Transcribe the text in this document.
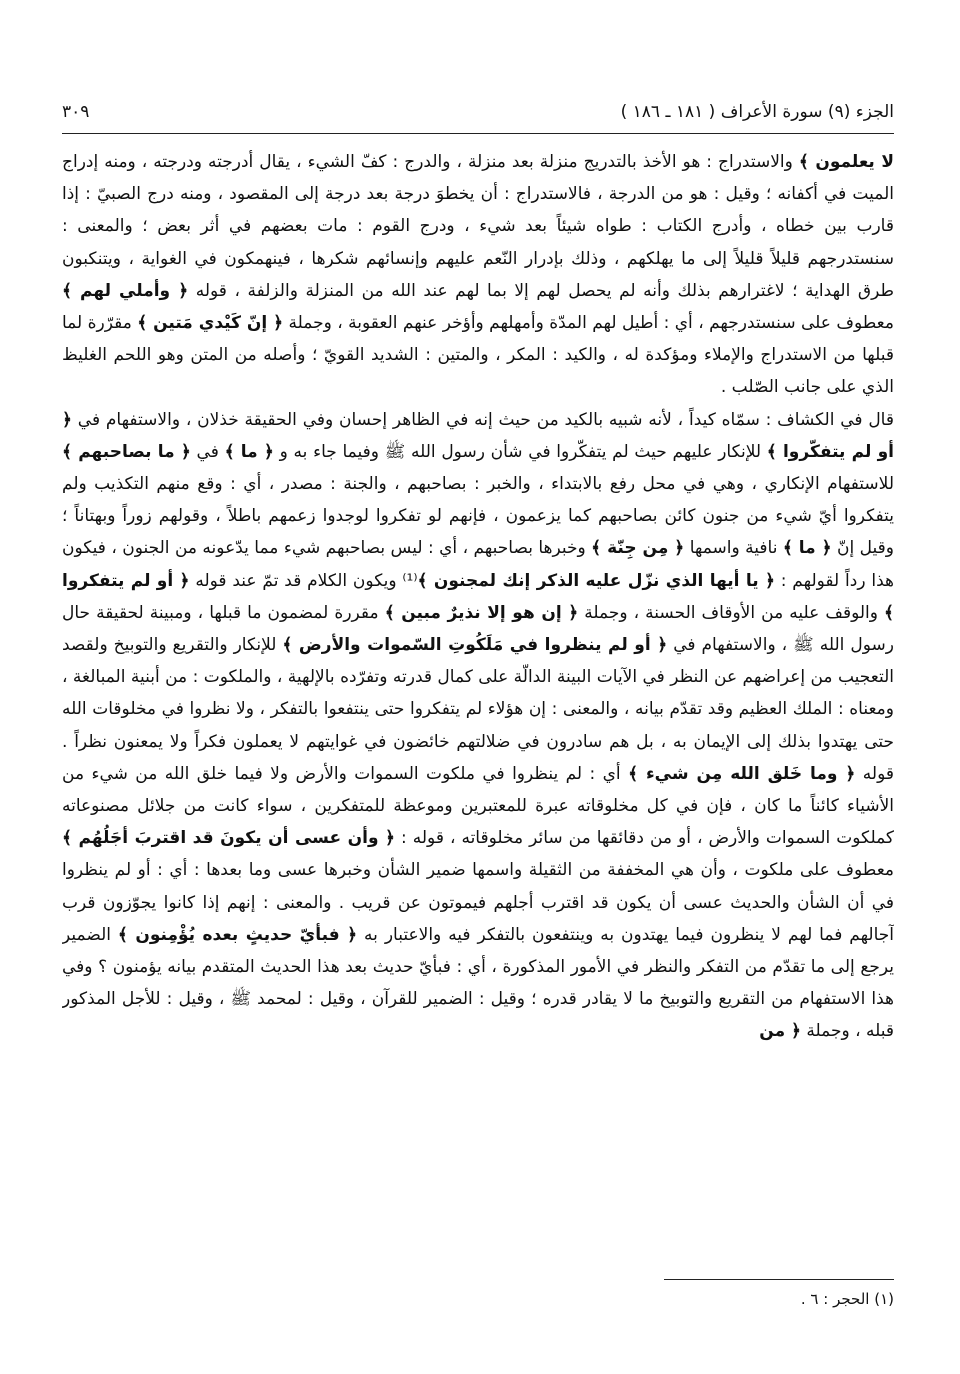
٣٠٩	الجزء (٩) سورة الأعراف ( ١٨١ ـ ١٨٦ )

لا يعلمون ﴾ والاستدراج : هو الأخذ بالتدريج منزلة بعد منزلة ، والدرج : كفّ الشيء ، يقال أدرجته ودرجته ، ومنه إدراج الميت في أكفانه ؛ وقيل : هو من الدرجة ، فالاستدراج : أن يخطوَ درجة بعد درجة إلى المقصود ، ومنه درج الصبيّ : إذا قارب بين خطاه ، وأدرج الكتاب : طواه شيئاً بعد شيء ، ودرج القوم : مات بعضهم في أثر بعض ؛ والمعنى : سنستدرجهم قليلاً قليلاً إلى ما يهلكهم ، وذلك بإدرار النّعم عليهم وإنسائهم شكرها ، فينهمكون في الغواية ، ويتنكبون طرق الهداية ؛ لاغترارهم بذلك وأنه لم يحصل لهم إلا بما لهم عند الله من المنزلة والزلفة ، قوله ﴿ وأملي لهم ﴾ معطوف على سنستدرجهم ، أي : أطيل لهم المدّة وأمهلهم وأؤخر عنهم العقوبة ، وجملة ﴿ إنّ كَيْدي مَتين ﴾ مقرّرة لما قبلها من الاستدراج والإملاء ومؤكدة له ، والكيد : المكر ، والمتين : الشديد القويّ ؛ وأصله من المتن وهو اللحم الغليظ الذي على جانب الصّلب .

قال في الكشاف : سمّاه كيداً ، لأنه شبيه بالكيد من حيث إنه في الظاهر إحسان وفي الحقيقة خذلان ، والاستفهام في ﴿ أو لم يتفكّروا ﴾ للإنكار عليهم حيث لم يتفكّروا في شأن رسول الله ﷺ وفيما جاء به و ﴿ ما ﴾ في ﴿ ما بصاحبهم ﴾ للاستفهام الإنكاري ، وهي في محل رفع بالابتداء ، والخبر : بصاحبهم ، والجنة : مصدر ، أي : وقع منهم التكذيب ولم يتفكروا أيّ شيء من جنون كائن بصاحبهم كما يزعمون ، فإنهم لو تفكروا لوجدوا زعمهم باطلاً ، وقولهم زوراً وبهتاناً ؛ وقيل إنّ ﴿ ما ﴾ نافية واسمها ﴿ مِن جِنّة ﴾ وخبرها بصاحبهم ، أي : ليس بصاحبهم شيء مما يدّعونه من الجنون ، فيكون هذا رداً لقولهم : ﴿ يا أيها الذي نزّل عليه الذكر إنك لمجنون ﴾⁽¹⁾ ويكون الكلام قد تمّ عند قوله ﴿ أو لم يتفكروا ﴾ والوقف عليه من الأوقاف الحسنة ، وجملة ﴿ إن هو إلا نذيرٌ مبين ﴾ مقررة لمضمون ما قبلها ، ومبينة لحقيقة حال رسول الله ﷺ ، والاستفهام في ﴿ أو لم ينظروا في مَلَكُوتِ السّموات والأرض ﴾ للإنكار والتقريع والتوبيخ ولقصد التعجيب من إعراضهم عن النظر في الآيات البينة الدالّة على كمال قدرته وتفرّده بالإلهية ، والملكوت : من أبنية المبالغة ، ومعناه : الملك العظيم وقد تقدّم بيانه ، والمعنى : إن هؤلاء لم يتفكروا حتى ينتفعوا بالتفكر ، ولا نظروا في مخلوقات الله حتى يهتدوا بذلك إلى الإيمان به ، بل هم سادرون في ضلالتهم خائضون في غوايتهم لا يعملون فكراً ولا يمعنون نظراً . قوله ﴿ وما خَلق الله مِن شيء ﴾ أي : لم ينظروا في ملكوت السموات والأرض ولا فيما خلق الله من شيء من الأشياء كائناً ما كان ، فإن في كل مخلوقاته عبرة للمعتبرين وموعظة للمتفكرين ، سواء كانت من جلائل مصنوعاته كملكوت السموات والأرض ، أو من دقائقها من سائر مخلوقاته ، قوله : ﴿ وأن عسى أن يكونَ قد اقتربَ أجَلُهُم ﴾ معطوف على ملكوت ، وأن هي المخففة من الثقيلة واسمها ضمير الشأن وخبرها عسى وما بعدها : أي : أو لم ينظروا في أن الشأن والحديث عسى أن يكون قد اقترب أجلهم فيموتون عن قريب . والمعنى : إنهم إذا كانوا يجوّزون قرب آجالهم فما لهم لا ينظرون فيما يهتدون به وينتفعون بالتفكر فيه والاعتبار به ﴿ فبأيّ حديثٍ بعده يُؤْمِنون ﴾ الضمير يرجع إلى ما تقدّم من التفكر والنظر في الأمور المذكورة ، أي : فبأيّ حديث بعد هذا الحديث المتقدم بيانه يؤمنون ؟ وفي هذا الاستفهام من التقريع والتوبيخ ما لا يقادر قدره ؛ وقيل : الضمير للقرآن ، وقيل : لمحمد ﷺ ، وقيل : للأجل المذكور قبله ، وجملة ﴿ من

(١) الحجر : ٦ .
